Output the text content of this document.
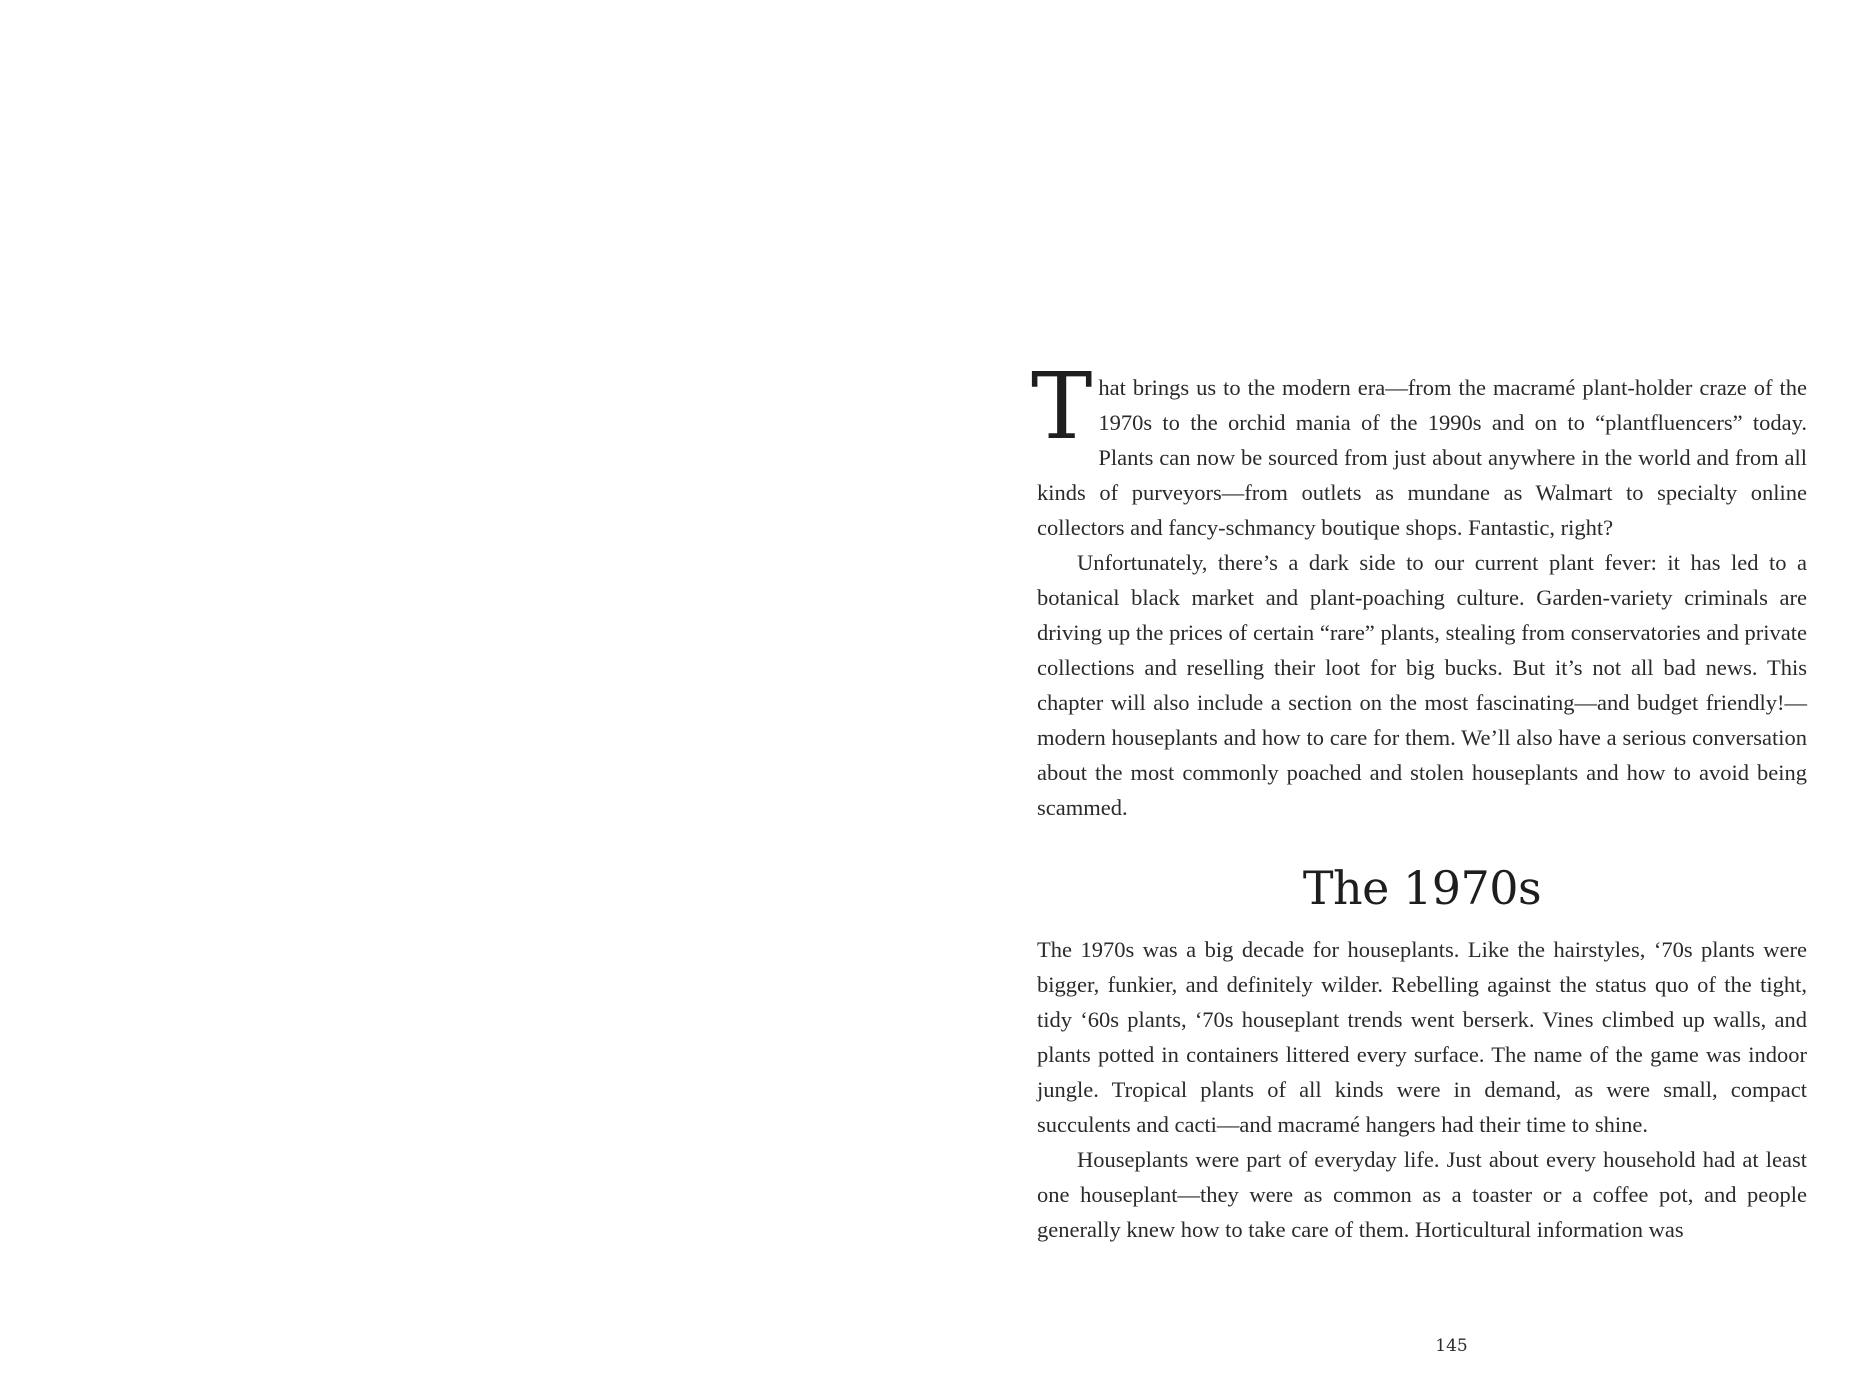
That brings us to the modern era—from the macramé plant-holder craze of the 1970s to the orchid mania of the 1990s and on to “plantfluencers” today. Plants can now be sourced from just about anywhere in the world and from all kinds of purveyors—from outlets as mundane as Walmart to specialty online collectors and fancy-schmancy boutique shops. Fantastic, right?

Unfortunately, there’s a dark side to our current plant fever: it has led to a botanical black market and plant-poaching culture. Garden-variety criminals are driving up the prices of certain “rare” plants, stealing from conservatories and private collections and reselling their loot for big bucks. But it’s not all bad news. This chapter will also include a section on the most fascinating—and budget friendly!—modern houseplants and how to care for them. We’ll also have a serious conversation about the most commonly poached and stolen houseplants and how to avoid being scammed.

The 1970s

The 1970s was a big decade for houseplants. Like the hairstyles, ‘70s plants were bigger, funkier, and definitely wilder. Rebelling against the status quo of the tight, tidy ‘60s plants, ‘70s houseplant trends went berserk. Vines climbed up walls, and plants potted in containers littered every surface. The name of the game was indoor jungle. Tropical plants of all kinds were in demand, as were small, compact succulents and cacti—and macramé hangers had their time to shine.

Houseplants were part of everyday life. Just about every household had at least one houseplant—they were as common as a toaster or a coffee pot, and people generally knew how to take care of them. Horticultural information was

145
